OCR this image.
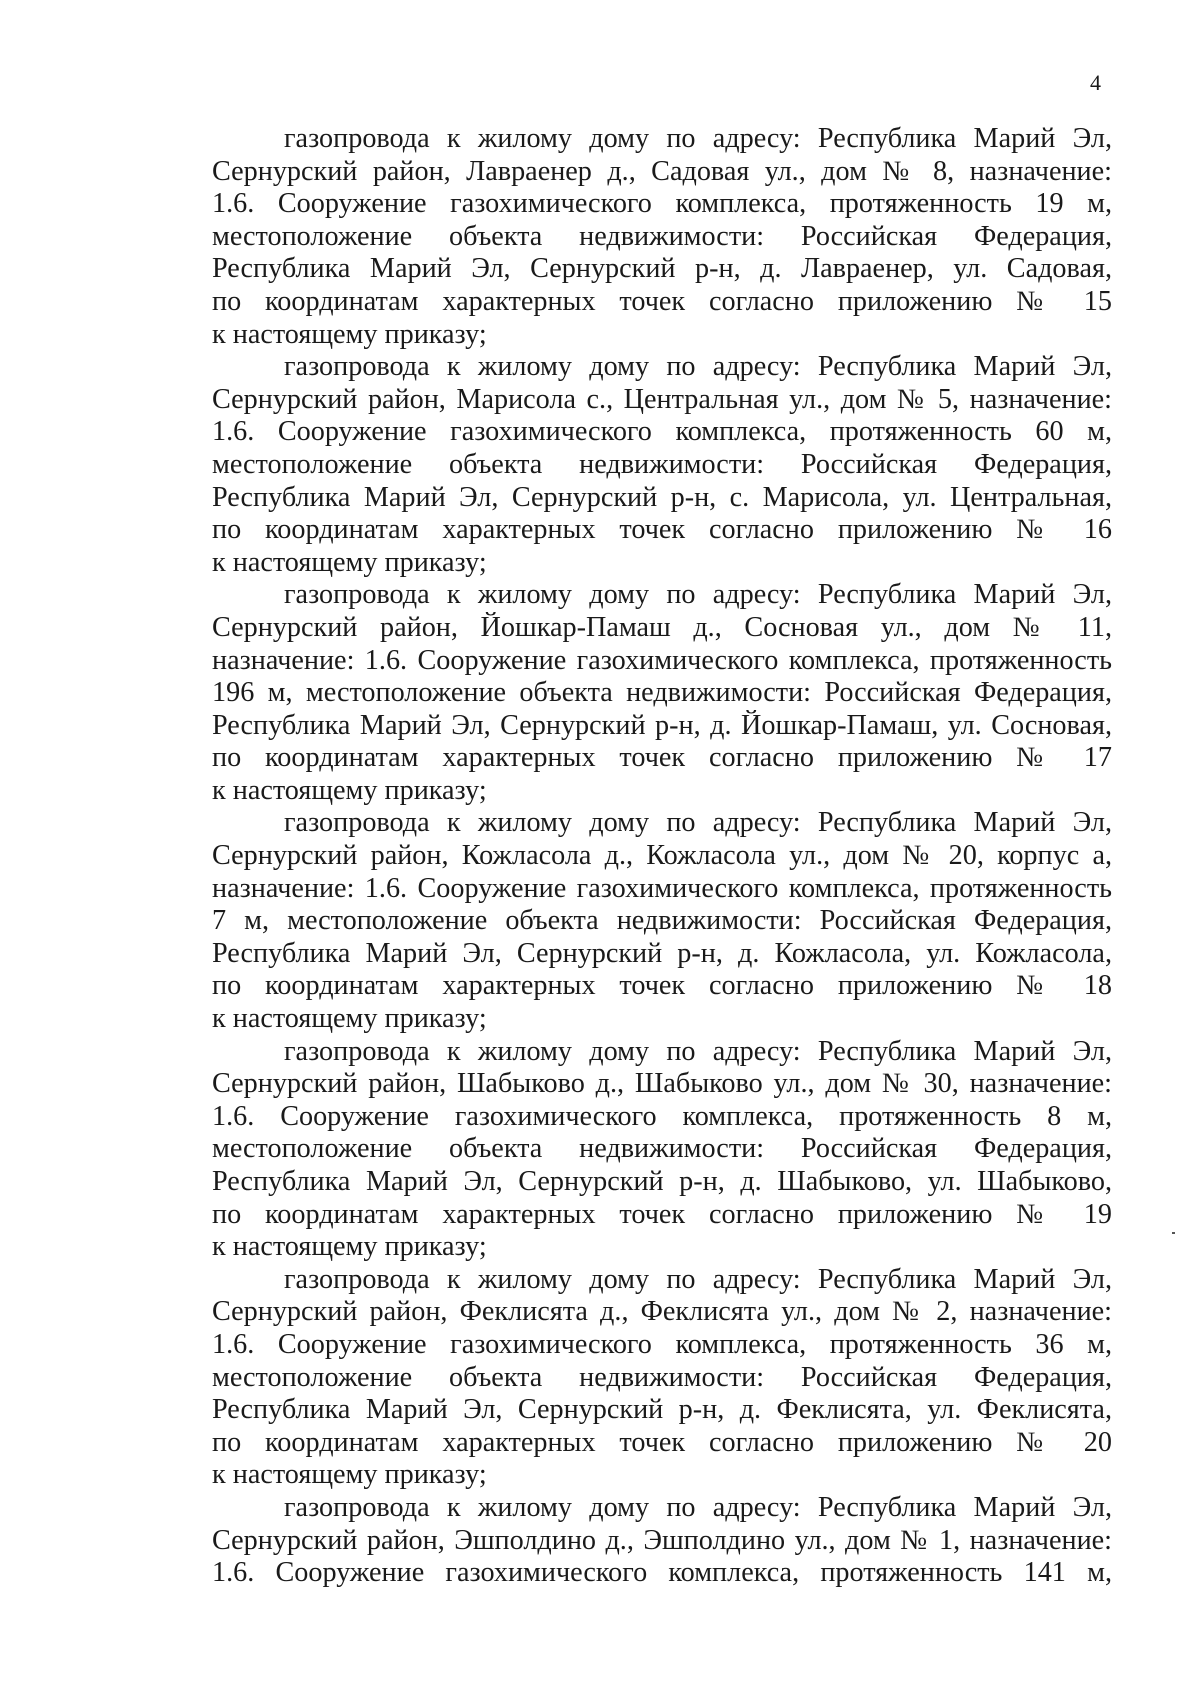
4

газопровода к жилому дому по адресу: Республика Марий Эл,
Сернурский район, Лавраенер д., Садовая ул., дом № 8, назначение:
1.6. Сооружение газохимического комплекса, протяженность 19 м,
местоположение объекта недвижимости: Российская Федерация,
Республика Марий Эл, Сернурский р-н, д. Лавраенер, ул. Садовая,
по координатам характерных точек согласно приложению № 15
к настоящему приказу;

газопровода к жилому дому по адресу: Республика Марий Эл,
Сернурский район, Марисола с., Центральная ул., дом № 5, назначение:
1.6. Сооружение газохимического комплекса, протяженность 60 м,
местоположение объекта недвижимости: Российская Федерация,
Республика Марий Эл, Сернурский р-н, с. Марисола, ул. Центральная,
по координатам характерных точек согласно приложению № 16
к настоящему приказу;

газопровода к жилому дому по адресу: Республика Марий Эл,
Сернурский район, Йошкар-Памаш д., Сосновая ул., дом № 11,
назначение: 1.6. Сооружение газохимического комплекса, протяженность
196 м, местоположение объекта недвижимости: Российская Федерация,
Республика Марий Эл, Сернурский р-н, д. Йошкар-Памаш, ул. Сосновая,
по координатам характерных точек согласно приложению № 17
к настоящему приказу;

газопровода к жилому дому по адресу: Республика Марий Эл,
Сернурский район, Кожласола д., Кожласола ул., дом № 20, корпус а,
назначение: 1.6. Сооружение газохимического комплекса, протяженность
7 м, местоположение объекта недвижимости: Российская Федерация,
Республика Марий Эл, Сернурский р-н, д. Кожласола, ул. Кожласола,
по координатам характерных точек согласно приложению № 18
к настоящему приказу;

газопровода к жилому дому по адресу: Республика Марий Эл,
Сернурский район, Шабыково д., Шабыково ул., дом № 30, назначение:
1.6. Сооружение газохимического комплекса, протяженность 8 м,
местоположение объекта недвижимости: Российская Федерация,
Республика Марий Эл, Сернурский р-н, д. Шабыково, ул. Шабыково,
по координатам характерных точек согласно приложению № 19
к настоящему приказу;

газопровода к жилому дому по адресу: Республика Марий Эл,
Сернурский район, Феклисята д., Феклисята ул., дом № 2, назначение:
1.6. Сооружение газохимического комплекса, протяженность 36 м,
местоположение объекта недвижимости: Российская Федерация,
Республика Марий Эл, Сернурский р-н, д. Феклисята, ул. Феклисята,
по координатам характерных точек согласно приложению № 20
к настоящему приказу;

газопровода к жилому дому по адресу: Республика Марий Эл,
Сернурский район, Эшполдино д., Эшполдино ул., дом № 1, назначение:
1.6. Сооружение газохимического комплекса, протяженность 141 м,
